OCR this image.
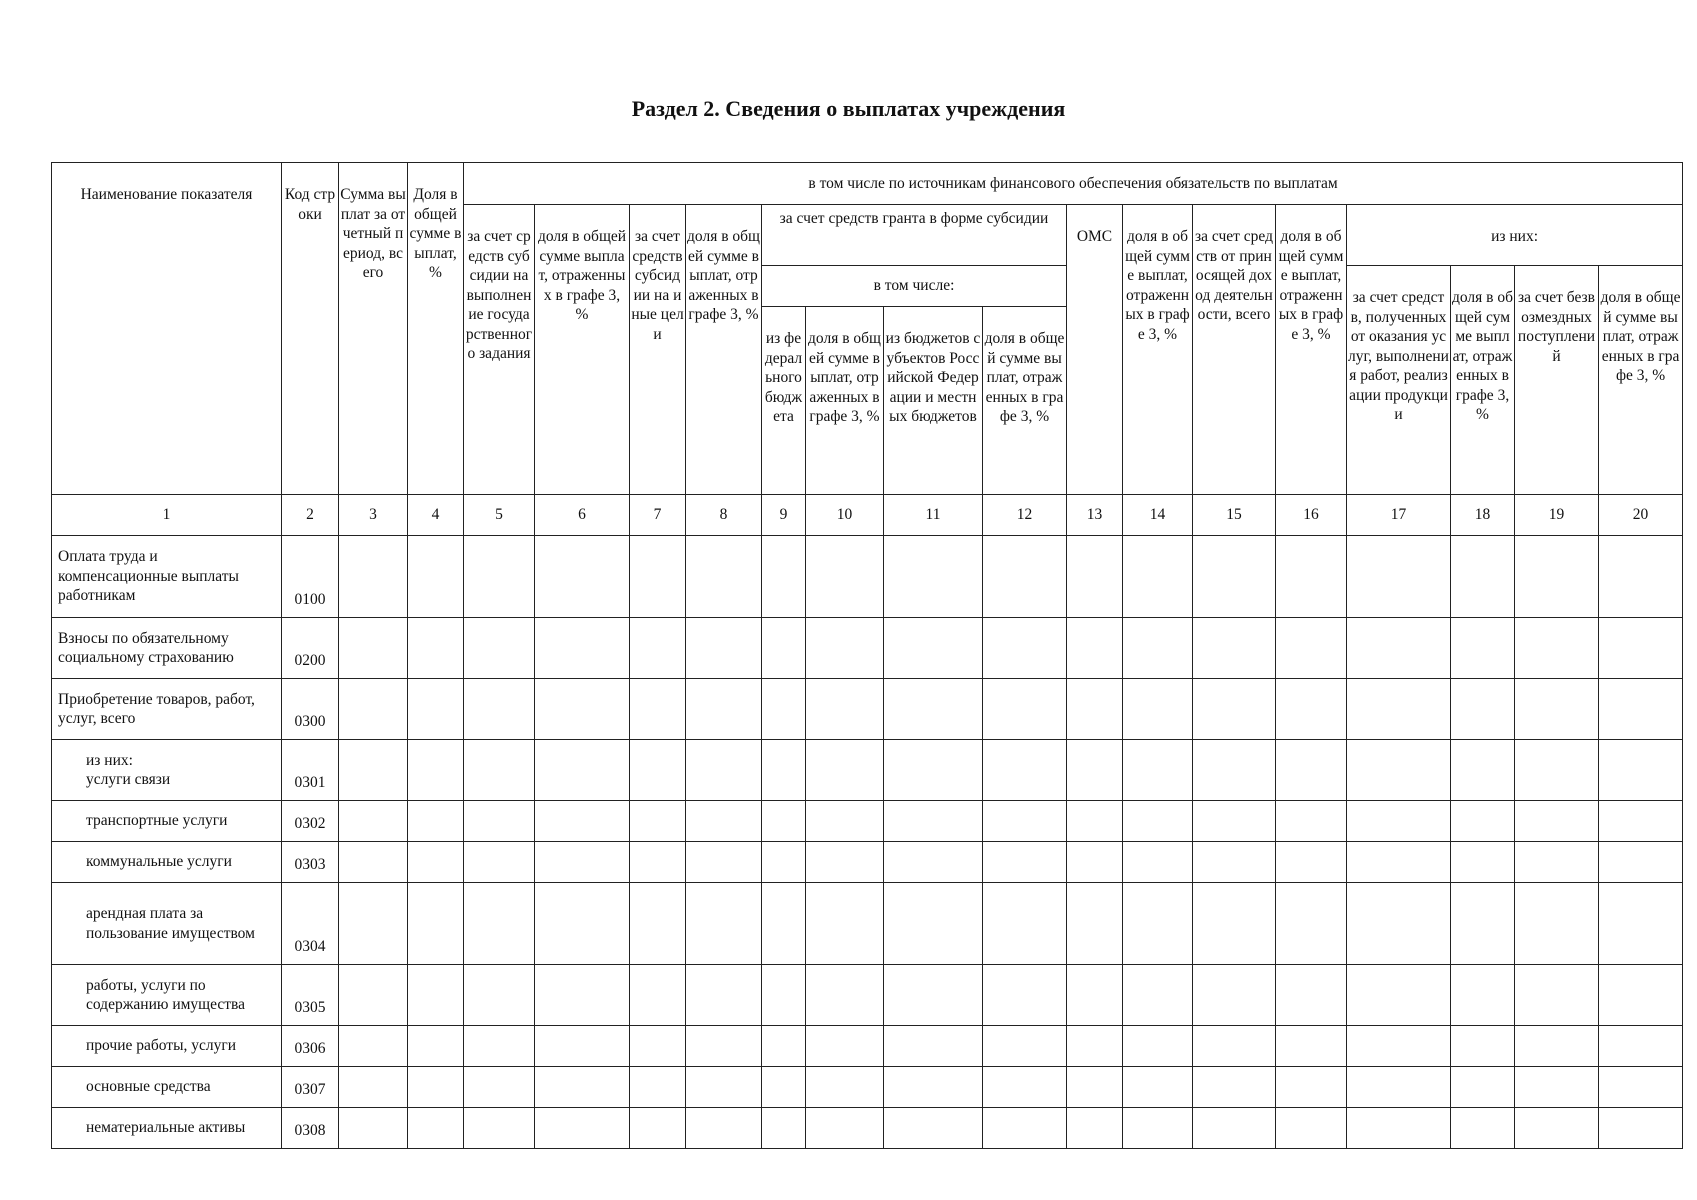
Раздел 2. Сведения о выплатах учреждения
Наименование показателя	Код строки	Сумма выплат за отчетный период, всего	Доля в общей сумме выплат, %	в том числе по источникам финансового обеспечения обязательств по выплатам															
				за счет средств субсидии на выполнение государственного задания	доля в общей сумме выплат, отраженных в графе 3, %	за счет средств субсидии на иные цели	доля в общей сумме выплат, отраженных в графе 3, %	за счет средств гранта в форме субсидии				ОМС	доля в общей сумме выплат, отраженных в графе 3, %	за счет средств от приносящей доход деятельности, всего	доля в общей сумме выплат, отраженных в графе 3, %	из них:			
								в том числе:								за счет средств, полученных от оказания услуг, выполнения работ, реализации продукции	доля в общей сумме выплат, отраженных в графе 3, %	за счет безвозмездных поступлений	доля в общей сумме выплат, отраженных в графе 3, %
								из федерального бюджета	доля в общей сумме выплат, отраженных в графе 3, %	из бюджетов субъектов Российской Федерации и местных бюджетов	доля в общей сумме выплат, отраженных в графе 3, %								
1	2	3	4	5	6	7	8	9	10	11	12	13	14	15	16	17	18	19	20
Оплата труда и компенсационные выплаты работникам	0100																		
Взносы по обязательному социальному страхованию	0200																		
Приобретение товаров, работ, услуг, всего	0300																		
из них:
услуги связи	0301																		
транспортные услуги	0302																		
коммунальные услуги	0303																		
арендная плата за пользование имуществом	0304																		
работы, услуги по содержанию имущества	0305																		
прочие работы, услуги	0306																		
основные средства	0307																		
нематериальные активы	0308																		
